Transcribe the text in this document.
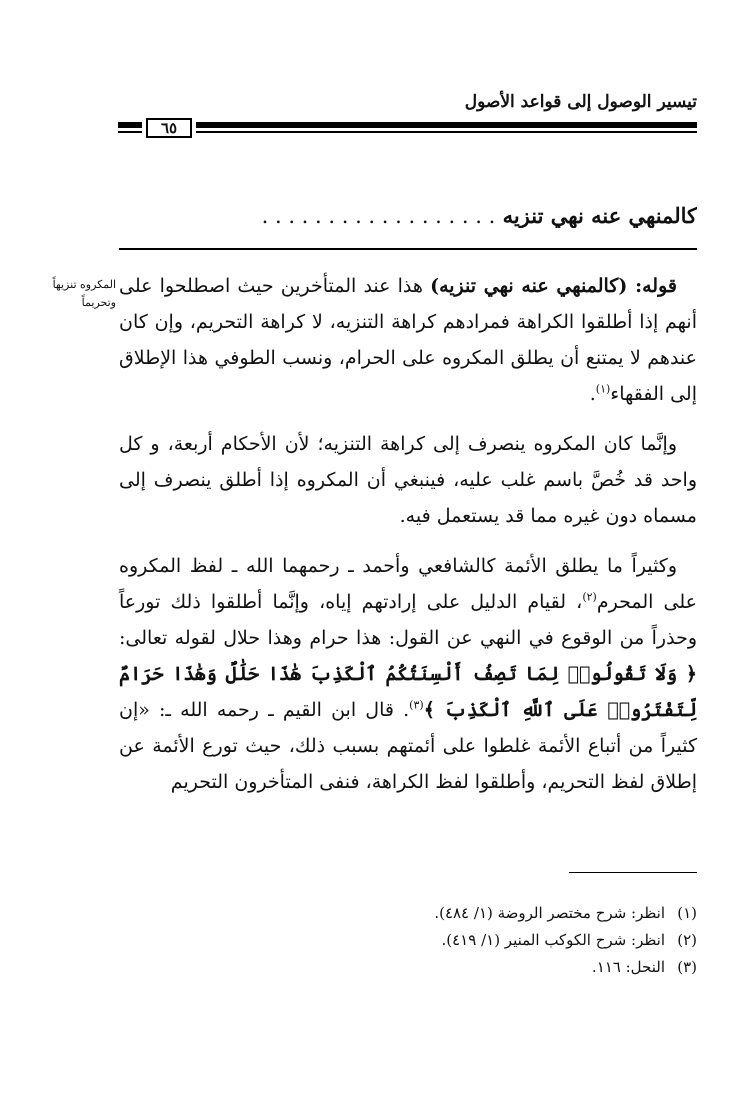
تيسير الوصول إلى قواعد الأصول
٦٥
كالمنهي عنه نهي تنزيه . . . . . . . . . . . . . . . . . .
المكروه تنزيهاً
وتحريماً

قوله: (كالمنهي عنه نهي تنزيه) هذا عند المتأخرين حيث اصطلحوا على أنهم إذا أطلقوا الكراهة فمرادهم كراهة التنزيه، لا كراهة التحريم، وإن كان عندهم لا يمتنع أن يطلق المكروه على الحرام، ونسب الطوفي هذا الإطلاق إلى الفقهاء$^{(١)}$.

وإنَّما كان المكروه ينصرف إلى كراهة التنزيه؛ لأن الأحكام أربعة، و كل واحد قد خُصَّ باسم غلب عليه، فينبغي أن المكروه إذا أطلق ينصرف إلى مسماه دون غيره مما قد يستعمل فيه.

وكثيراً ما يطلق الأئمة كالشافعي وأحمد ـ رحمهما الله ـ لفظ المكروه على المحرم$^{(٢)}$، لقيام الدليل على إرادتهم إياه، وإنَّما أطلقوا ذلك تورعاً وحذراً من الوقوع في النهي عن القول: هذا حرام وهذا حلال لقوله تعالى: ﴿ وَلَا تَقُولُوا۟ لِمَا تَصِفُ أَلْسِنَتُكُمُ ٱلْكَذِبَ هَٰذَا حَلَٰلٌ وَهَٰذَا حَرَامٌ لِّتَفْتَرُوا۟ عَلَى ٱللَّهِ ٱلْكَذِبَ ﴾$^{(٣)}$. قال ابن القيم ـ رحمه الله ـ: «إن كثيراً من أتباع الأئمة غلطوا على أئمتهم بسبب ذلك، حيث تورع الأئمة عن إطلاق لفظ التحريم، وأطلقوا لفظ الكراهة، فنفى المتأخرون التحريم

(١)انظر: شرح مختصر الروضة (١/ ٤٨٤).
(٢)انظر: شرح الكوكب المنير (١/ ٤١٩).
(٣)النحل: ١١٦.
